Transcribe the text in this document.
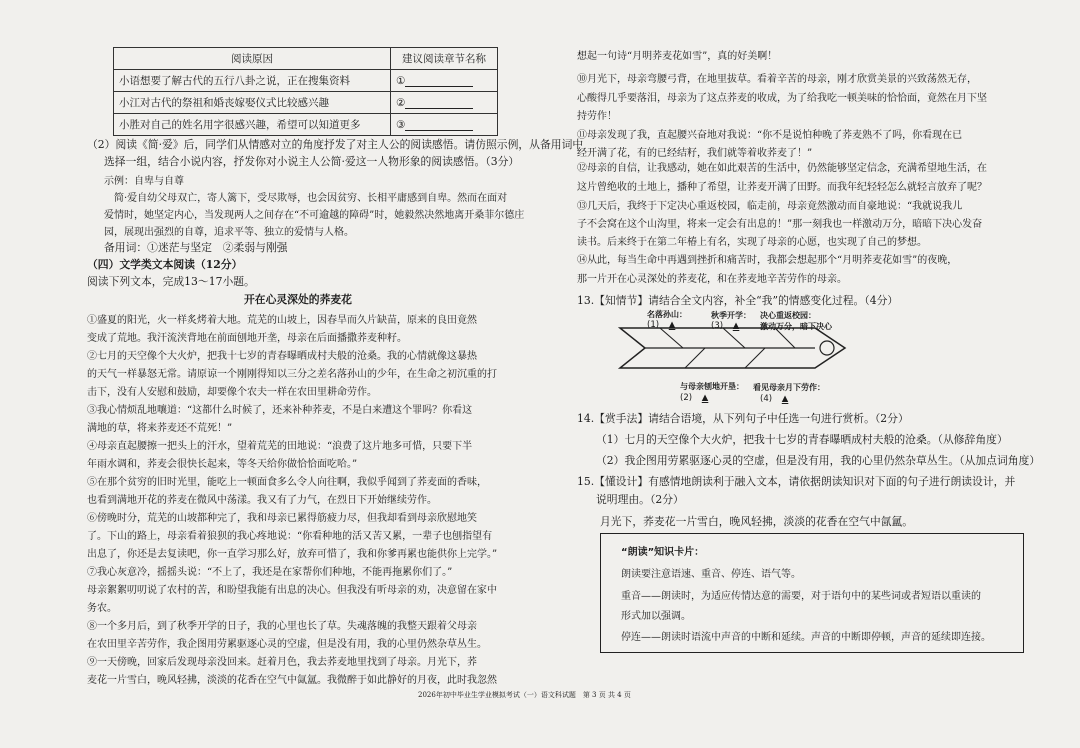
阅读原因	建议阅读章节名称
小语想要了解古代的五行八卦之说，正在搜集资料	①
小江对古代的祭祖和婚丧嫁娶仪式比较感兴趣	②
小胜对自己的姓名用字很感兴趣，希望可以知道更多	③
（2）阅读《简·爱》后，同学们从情感对立的角度抒发了对主人公的阅读感悟。请仿照示例，从备用词中
选择一组，结合小说内容，抒发你对小说主人公简·爱这一人物形象的阅读感悟。（3分）
示例：自卑与自尊
简·爱自幼父母双亡，寄人篱下，受尽欺辱，也会因贫穷、长相平庸感到自卑。然而在面对
爱情时，她坚定内心，当发现两人之间存在“不可逾越的障碍”时，她毅然决然地离开桑菲尔德庄
园，展现出强烈的自尊，追求平等、独立的爱情与人格。
备用词：①迷茫与坚定　②柔弱与刚强
（四）文学类文本阅读（12分）
阅读下列文本，完成13～17小题。
开在心灵深处的荞麦花
①盛夏的阳光，火一样炙烤着大地。荒芜的山坡上，因春旱而久片缺苗，原来的良田竟然
变成了荒地。我汗流浃背地在前面刨地开垄，母亲在后面播撒荞麦种籽。
②七月的天空像个大火炉，把我十七岁的青春曝晒成村夫般的沧桑。我的心情就像这暴热
的天气一样暴怒无常。请原谅一个刚刚得知以三分之差名落孙山的少年，在生命之初沉重的打
击下，没有人安慰和鼓励，却要像个农夫一样在农田里耕命劳作。
③我心情烦乱地嚷道：“这都什么时候了，还来补种荞麦，不是白来遭这个罪吗？你看这
满地的草，将来荞麦还不荒死！”
④母亲直起腰擦一把头上的汗水，望着荒芜的田地说：“浪费了这片地多可惜，只要下半
年雨水调和，荞麦会很快长起来，等冬天给你做恰恰面吃哈。”
⑤在那个贫穷的旧时光里，能吃上一顿面食多么令人向往啊，我似乎闻到了荞麦面的香味，
也看到满地开花的荞麦在微风中荡漾。我又有了力气，在烈日下开始继续劳作。
⑥傍晚时分，荒芜的山坡都种完了，我和母亲已累得筋疲力尽，但我却看到母亲欣慰地笑
了。下山的路上，母亲看着狼狈的我心疼地说：“你看种地的活又苦又累，一辈子也刨指望有
出息了，你还是去复读吧，你一直学习那么好，放弃可惜了，我和你爹再累也能供你上完学。”
⑦我心灰意冷，摇摇头说：“不上了，我还是在家帮你们种地，不能再拖累你们了。”
母亲絮絮叨叨说了农村的苦，和盼望我能有出息的决心。但我没有听母亲的劝，决意留在家中
务农。
⑧一个多月后，到了秋季开学的日子，我的心里也长了草。失魂落魄的我整天跟着父母亲
在农田里辛苦劳作，我企图用劳累驱逐心灵的空虚，但是没有用，我的心里仍然杂草丛生。
⑨一天傍晚，回家后发现母亲没回来。赶着月色，我去荞麦地里找到了母亲。月光下，荞
麦花一片雪白，晚风轻拂，淡淡的花香在空气中氤氲。我微醉于如此静好的月夜，此时我忽然
想起一句诗“月明荞麦花如雪”，真的好美啊！
⑩月光下，母亲弯腰弓背，在地里拔草。看着辛苦的母亲，刚才欣赏美景的兴致荡然无存，
心酸得几乎要落泪，母亲为了这点荞麦的收成，为了给我吃一顿美味的恰恰面，竟然在月下坚
持劳作！
⑪母亲发现了我，直起腰兴奋地对我说：“你不是说怕种晚了荞麦熟不了吗，你看现在已
经开满了花，有的已经结籽，我们就等着收荞麦了！”
⑫母亲的自信，让我感动，她在如此艰苦的生活中，仍然能够坚定信念，充满希望地生活，在
这片曾绝收的土地上，播种了希望，让荞麦开满了田野。而我年纪轻轻怎么就轻言放弃了呢？
⑬几天后，我终于下定决心重返校园，临走前，母亲竟然激动而自豪地说：“我就说我儿
子不会窝在这个山沟里，将来一定会有出息的！”那一刻我也一样激动万分，暗暗下决心发奋
读书。后来终于在第二年椿上有名，实现了母亲的心愿，也实现了自己的梦想。
⑭从此，每当生命中再遇到挫折和痛苦时，我都会想起那个“月明荞麦花如雪”的夜晚，
那一片开在心灵深处的荞麦花，和在荞麦地辛苦劳作的母亲。
13.【知情节】请结合全文内容，补全“我”的情感变化过程。（4分）
名落孙山：
(1) ▲
秋季开学：
(3) ▲
决心重返校园：
激动万分，暗下决心
与母亲刨地开垦：
(2) ▲
看见母亲月下劳作：
(4) ▲
14.【赏手法】请结合语境，从下列句子中任选一句进行赏析。（2分）
（1）七月的天空像个大火炉，把我十七岁的青春曝晒成村夫般的沧桑。（从修辞角度）
（2）我企图用劳累驱逐心灵的空虚，但是没有用，我的心里仍然杂草丛生。（从加点词角度）
15.【懂设计】有感情地朗读利于融入文本，请依据朗读知识对下面的句子进行朗读设计，并
说明理由。（2分）
月光下，荞麦花一片雪白，晚风轻拂，淡淡的花香在空气中氤氲。
“朗读”知识卡片：
朗读要注意语速、重音、停连、语气等。
重音——朗读时，为适应传情达意的需要，对于语句中的某些词或者短语以重读的
形式加以强调。
停连——朗读时语流中声音的中断和延续。声音的中断即停顿，声音的延续即连接。
2026年初中毕业生学业模拟考试（一）语文科试题　第 3 页 共 4 页
